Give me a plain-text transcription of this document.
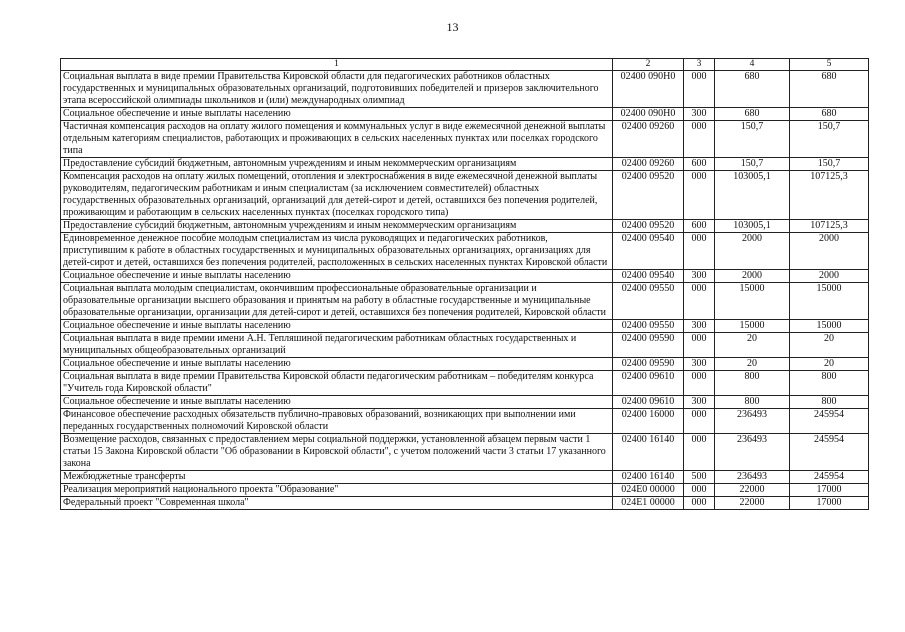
13
1	2	3	4	5
Социальная выплата в виде премии Правительства Кировской области для педагогических работников областных государственных и муниципальных образовательных организаций, подготовивших победителей и призеров заключительного этапа всероссийской олимпиады школьников и (или) международных олимпиад	02400 090Н0	000	680	680
Социальное обеспечение и иные выплаты населению	02400 090Н0	300	680	680
Частичная компенсация расходов на оплату жилого помещения и коммунальных услуг в виде ежемесячной денежной выплаты отдельным категориям специалистов, работающих и проживающих в сельских населенных пунктах или поселках городского типа	02400 09260	000	150,7	150,7
Предоставление субсидий бюджетным, автономным учреждениям и иным некоммерческим организациям	02400 09260	600	150,7	150,7
Компенсация расходов на оплату жилых помещений, отопления и электроснабжения в виде ежемесячной денежной выплаты руководителям, педагогическим работникам и иным специалистам (за исключением совместителей) областных государственных образовательных организаций, организаций для детей-сирот и детей, оставшихся без попечения родителей, проживающим и работающим в сельских населенных пунктах (поселках городского типа)	02400 09520	000	103005,1	107125,3
Предоставление субсидий бюджетным, автономным учреждениям и иным некоммерческим организациям	02400 09520	600	103005,1	107125,3
Единовременное денежное пособие молодым специалистам из числа руководящих и педагогических работников, приступившим к работе в областных государственных и муниципальных образовательных организациях, организациях для детей-сирот и детей, оставшихся без попечения родителей, расположенных в сельских населенных пунктах Кировской области	02400 09540	000	2000	2000
Социальное обеспечение и иные выплаты населению	02400 09540	300	2000	2000
Социальная выплата молодым специалистам, окончившим профессиональные образовательные организации и образовательные организации высшего образования и принятым на работу в областные государственные и муниципальные образовательные организации, организации для детей-сирот и детей, оставшихся без попечения родителей, Кировской области	02400 09550	000	15000	15000
Социальное обеспечение и иные выплаты населению	02400 09550	300	15000	15000
Социальная выплата в виде премии имени А.Н. Тепляшиной педагогическим работникам областных государственных и муниципальных общеобразовательных организаций	02400 09590	000	20	20
Социальное обеспечение и иные выплаты населению	02400 09590	300	20	20
Социальная выплата в виде премии Правительства Кировской области педагогическим работникам – победителям конкурса "Учитель года Кировской области"	02400 09610	000	800	800
Социальное обеспечение и иные выплаты населению	02400 09610	300	800	800
Финансовое обеспечение расходных обязательств публично-правовых образований, возникающих при выполнении ими переданных государственных полномочий Кировской области	02400 16000	000	236493	245954
Возмещение расходов, связанных с предоставлением меры социальной поддержки, установленной абзацем первым части 1 статьи 15 Закона Кировской области "Об образовании в Кировской области", с учетом положений части 3 статьи 17 указанного закона	02400 16140	000	236493	245954
Межбюджетные трансферты	02400 16140	500	236493	245954
Реализация мероприятий национального проекта "Образование"	024E0 00000	000	22000	17000
Федеральный проект "Современная школа"	024E1 00000	000	22000	17000
